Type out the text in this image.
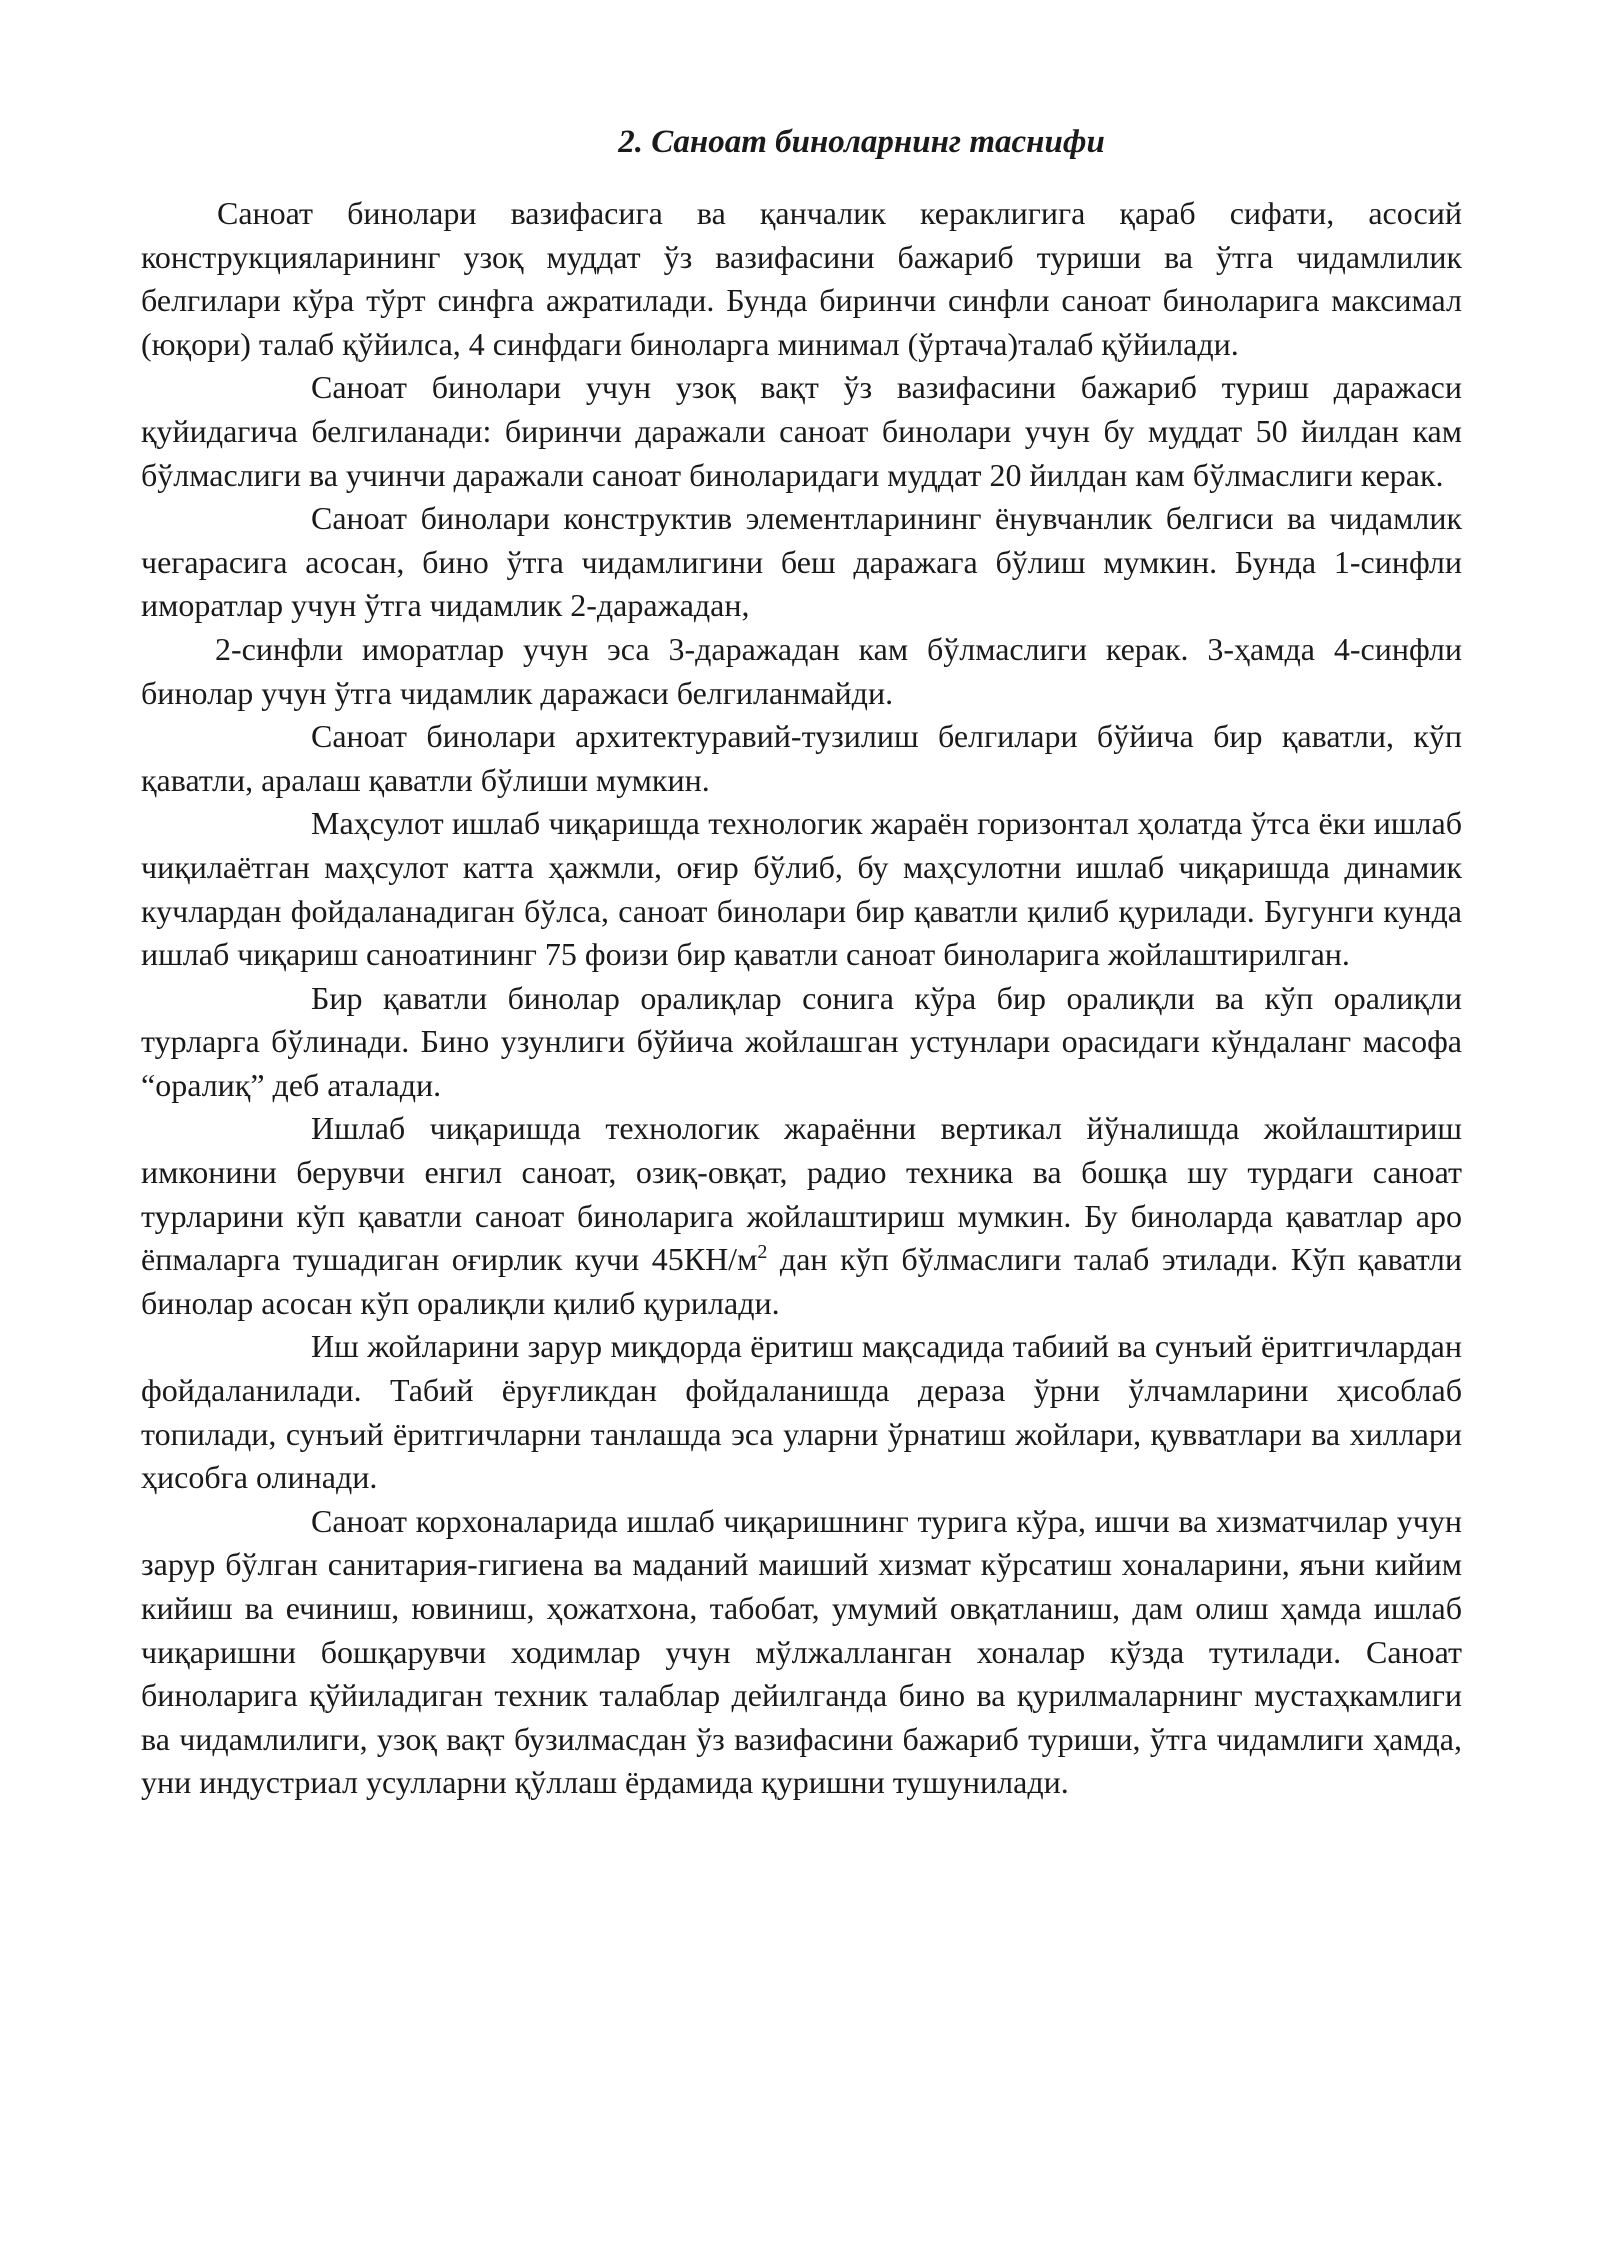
2. Саноат биноларнинг таснифи

Саноат бинолари вазифасига ва қанчалик кераклигига қараб сифати, асосий конструкцияларининг узоқ муддат ўз вазифасини бажариб туриши ва ўтга чидамлилик белгилари кўра тўрт синфга ажратилади. Бунда биринчи синфли саноат биноларига максимал (юқори) талаб қўйилса, 4 синфдаги биноларга минимал (ўртача)талаб қўйилади.

Саноат бинолари учун узоқ вақт ўз вазифасини бажариб туриш даражаси қуйидагича белгиланади: биринчи даражали саноат бинолари учун бу муддат 50 йилдан кам бўлмаслиги ва учинчи даражали саноат биноларидаги муддат 20 йилдан кам бўлмаслиги керак.

Саноат бинолари конструктив элементларининг ёнувчанлик белгиси ва чидамлик чегарасига асосан, бино ўтга чидамлигини беш даражага бўлиш мумкин. Бунда 1-синфли иморатлар учун ўтга чидамлик 2-даражадан,

2-синфли иморатлар учун эса 3-даражадан кам бўлмаслиги керак. 3-ҳамда 4-синфли бинолар учун ўтга чидамлик даражаси белгиланмайди.

Саноат бинолари архитектуравий-тузилиш белгилари бўйича бир қаватли, кўп қаватли, аралаш қаватли бўлиши мумкин.

Маҳсулот ишлаб чиқаришда технологик жараён горизонтал ҳолатда ўтса ёки ишлаб чиқилаётган маҳсулот катта ҳажмли, оғир бўлиб, бу маҳсулотни ишлаб чиқаришда динамик кучлардан фойдаланадиган бўлса, саноат бинолари бир қаватли қилиб қурилади. Бугунги кунда ишлаб чиқариш саноатининг 75 фоизи бир қаватли саноат биноларига жойлаштирилган.

Бир қаватли бинолар оралиқлар сонига кўра бир оралиқли ва кўп оралиқли турларга бўлинади. Бино узунлиги бўйича жойлашган устунлари орасидаги кўндаланг масофа “оралиқ” деб аталади.

Ишлаб чиқаришда технологик жараённи вертикал йўналишда жойлаштириш имконини берувчи енгил саноат, озиқ-овқат, радио техника ва бошқа шу турдаги саноат турларини кўп қаватли саноат биноларига жойлаштириш мумкин. Бу биноларда қаватлар аро ёпмаларга тушадиган оғирлик кучи $45КН/м^2$ дан кўп бўлмаслиги талаб этилади. Кўп қаватли бинолар асосан кўп оралиқли қилиб қурилади.

Иш жойларини зарур миқдорда ёритиш мақсадида табиий ва сунъий ёритгичлардан фойдаланилади. Табий ёруғликдан фойдаланишда дераза ўрни ўлчамларини ҳисоблаб топилади, сунъий ёритгичларни танлашда эса уларни ўрнатиш жойлари, қувватлари ва хиллари ҳисобга олинади.

Саноат корхоналарида ишлаб чиқаришнинг турига кўра, ишчи ва хизматчилар учун зарур бўлган санитария-гигиена ва маданий маиший хизмат кўрсатиш хоналарини, яъни кийим кийиш ва ечиниш, ювиниш, ҳожатхона, табобат, умумий овқатланиш, дам олиш ҳамда ишлаб чиқаришни бошқарувчи ходимлар учун мўлжалланган хоналар кўзда тутилади. Саноат биноларига қўйиладиган техник талаблар дейилганда бино ва қурилмаларнинг мустаҳкамлиги ва чидамлилиги, узоқ вақт бузилмасдан ўз вазифасини бажариб туриши, ўтга чидамлиги ҳамда, уни индустриал усулларни қўллаш ёрдамида қуришни тушунилади.
